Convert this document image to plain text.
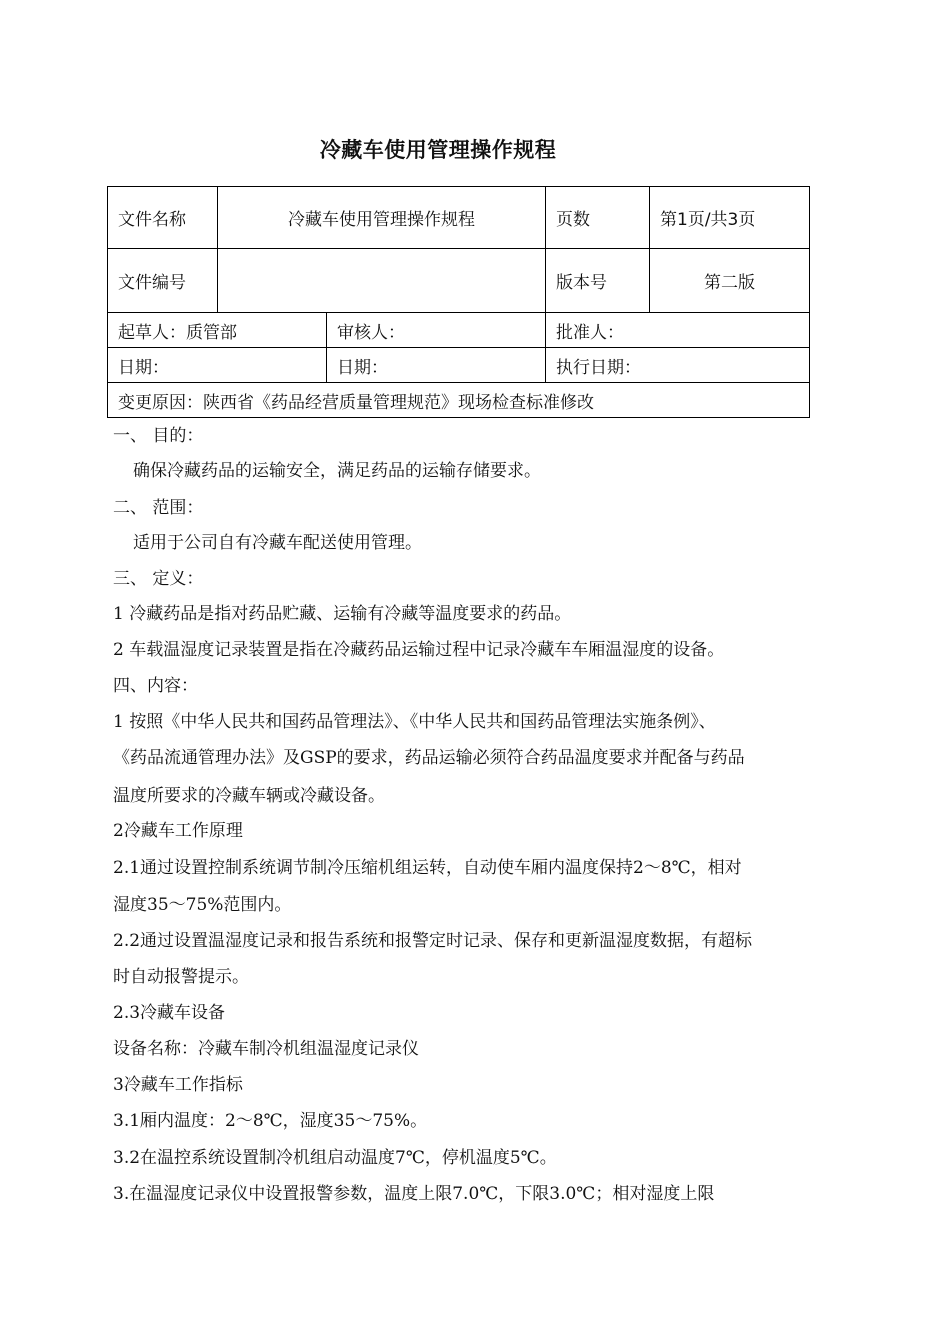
冷藏车使用管理操作规程
文件名称	冷藏车使用管理操作规程		页数	第1页/共3页
文件编号			版本号	第二版
起草人：质管部		审核人：	批准人：	
日期：		日期：	执行日期：	
变更原因：陕西省《药品经营质量管理规范》现场检查标准修改				
一、 目的：
确保冷藏药品的运输安全，满足药品的运输存储要求。
二、 范围：
适用于公司自有冷藏车配送使用管理。
三、 定义：
1 冷藏药品是指对药品贮藏、运输有冷藏等温度要求的药品。
2 车载温湿度记录装置是指在冷藏药品运输过程中记录冷藏车车厢温湿度的设备。
四、内容：
1 按照《中华人民共和国药品管理法》、《中华人民共和国药品管理法实施条例》、
《药品流通管理办法》及GSP的要求，药品运输必须符合药品温度要求并配备与药品
温度所要求的冷藏车辆或冷藏设备。
2冷藏车工作原理
2.1通过设置控制系统调节制冷压缩机组运转，自动使车厢内温度保持2～8℃，相对
湿度35～75%范围内。
2.2通过设置温湿度记录和报告系统和报警定时记录、保存和更新温湿度数据，有超标
时自动报警提示。
2.3冷藏车设备
设备名称：冷藏车制冷机组温湿度记录仪
3冷藏车工作指标
3.1厢内温度：2～8℃，湿度35～75%。
3.2在温控系统设置制冷机组启动温度7℃，停机温度5℃。
3.在温湿度记录仪中设置报警参数，温度上限7.0℃，下限3.0℃；相对湿度上限
